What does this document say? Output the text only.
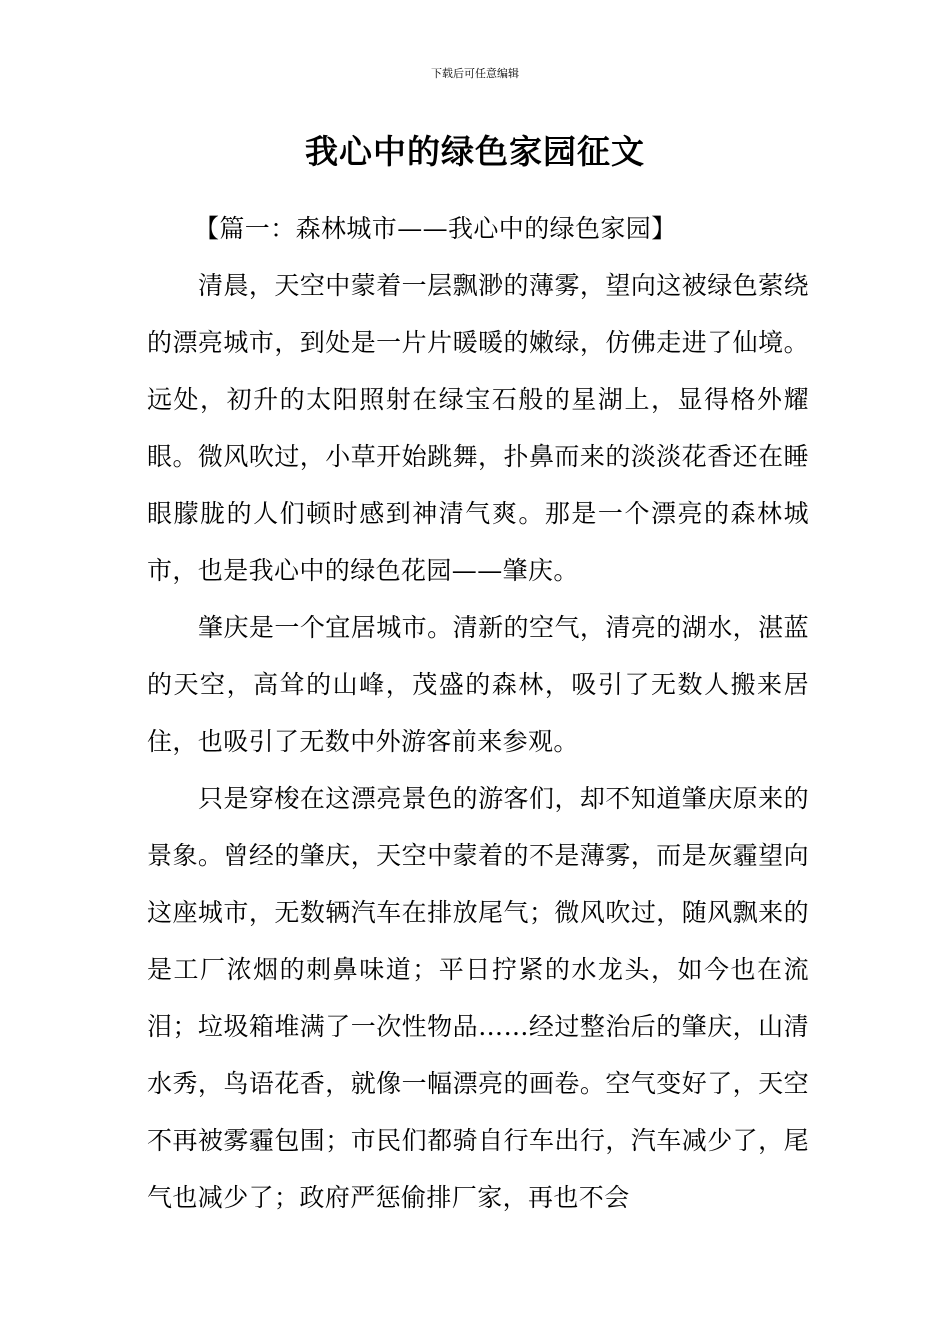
下载后可任意编辑
我心中的绿色家园征文

【篇一：森林城市——我心中的绿色家园】

清晨，天空中蒙着一层飘渺的薄雾，望向这被绿色萦绕的漂亮城市，到处是一片片暖暖的嫩绿，仿佛走进了仙境。远处，初升的太阳照射在绿宝石般的星湖上，显得格外耀眼。微风吹过，小草开始跳舞，扑鼻而来的淡淡花香还在睡眼朦胧的人们顿时感到神清气爽。那是一个漂亮的森林城市，也是我心中的绿色花园——肇庆。

肇庆是一个宜居城市。清新的空气，清亮的湖水，湛蓝的天空，高耸的山峰，茂盛的森林，吸引了无数人搬来居住，也吸引了无数中外游客前来参观。

只是穿梭在这漂亮景色的游客们，却不知道肇庆原来的景象。曾经的肇庆，天空中蒙着的不是薄雾，而是灰霾望向这座城市，无数辆汽车在排放尾气；微风吹过，随风飘来的是工厂浓烟的刺鼻味道；平日拧紧的水龙头，如今也在流泪；垃圾箱堆满了一次性物品……经过整治后的肇庆，山清水秀，鸟语花香，就像一幅漂亮的画卷。空气变好了，天空不再被雾霾包围；市民们都骑自行车出行，汽车减少了，尾气也减少了；政府严惩偷排厂家，再也不会
